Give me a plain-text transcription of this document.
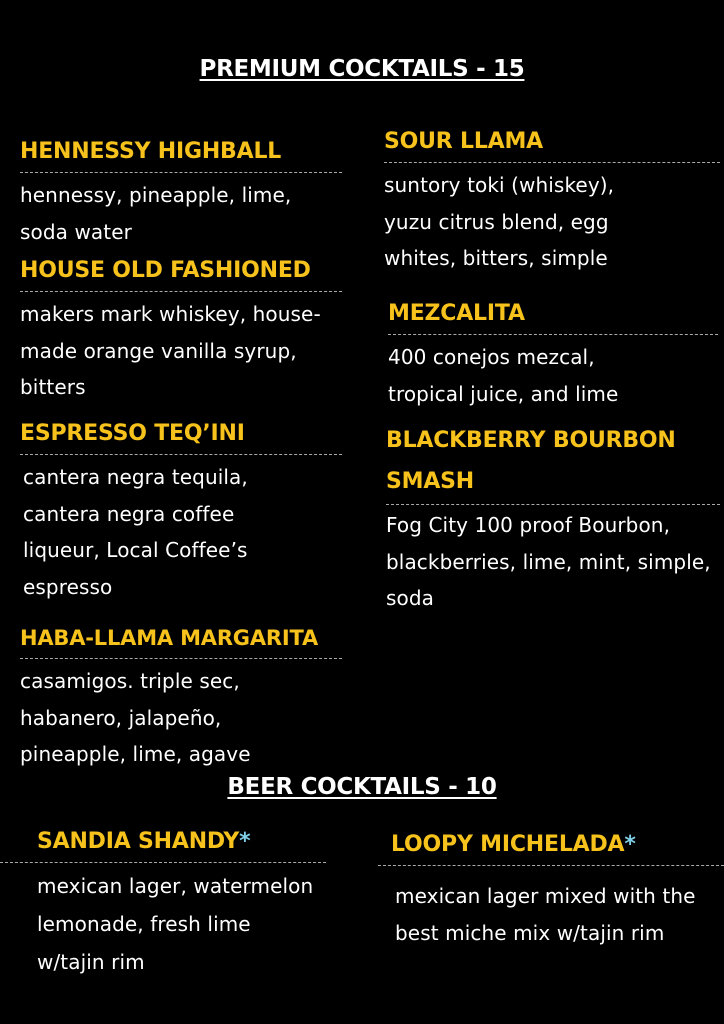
PREMIUM COCKTAILS - 15
HENNESSY HIGHBALL
hennessy, pineapple, lime, soda water
HOUSE OLD FASHIONED
makers mark whiskey, house-made orange vanilla syrup, bitters
ESPRESSO TEQ’INI
cantera negra tequila, cantera negra coffee liqueur, Local Coffee’s espresso
HABA-LLAMA MARGARITA
casamigos. triple sec, habanero, jalapeño, pineapple, lime, agave
SOUR LLAMA
suntory toki (whiskey), yuzu citrus blend, egg whites, bitters, simple
MEZCALITA
400 conejos mezcal, tropical juice, and lime
BLACKBERRY BOURBON SMASH
Fog City 100 proof Bourbon, blackberries, lime, mint, simple, soda
BEER COCKTAILS - 10
SANDIA SHANDY*
mexican lager, watermelon lemonade, fresh lime w/tajin rim
LOOPY MICHELADA*
mexican lager mixed with the best miche mix w/tajin rim
